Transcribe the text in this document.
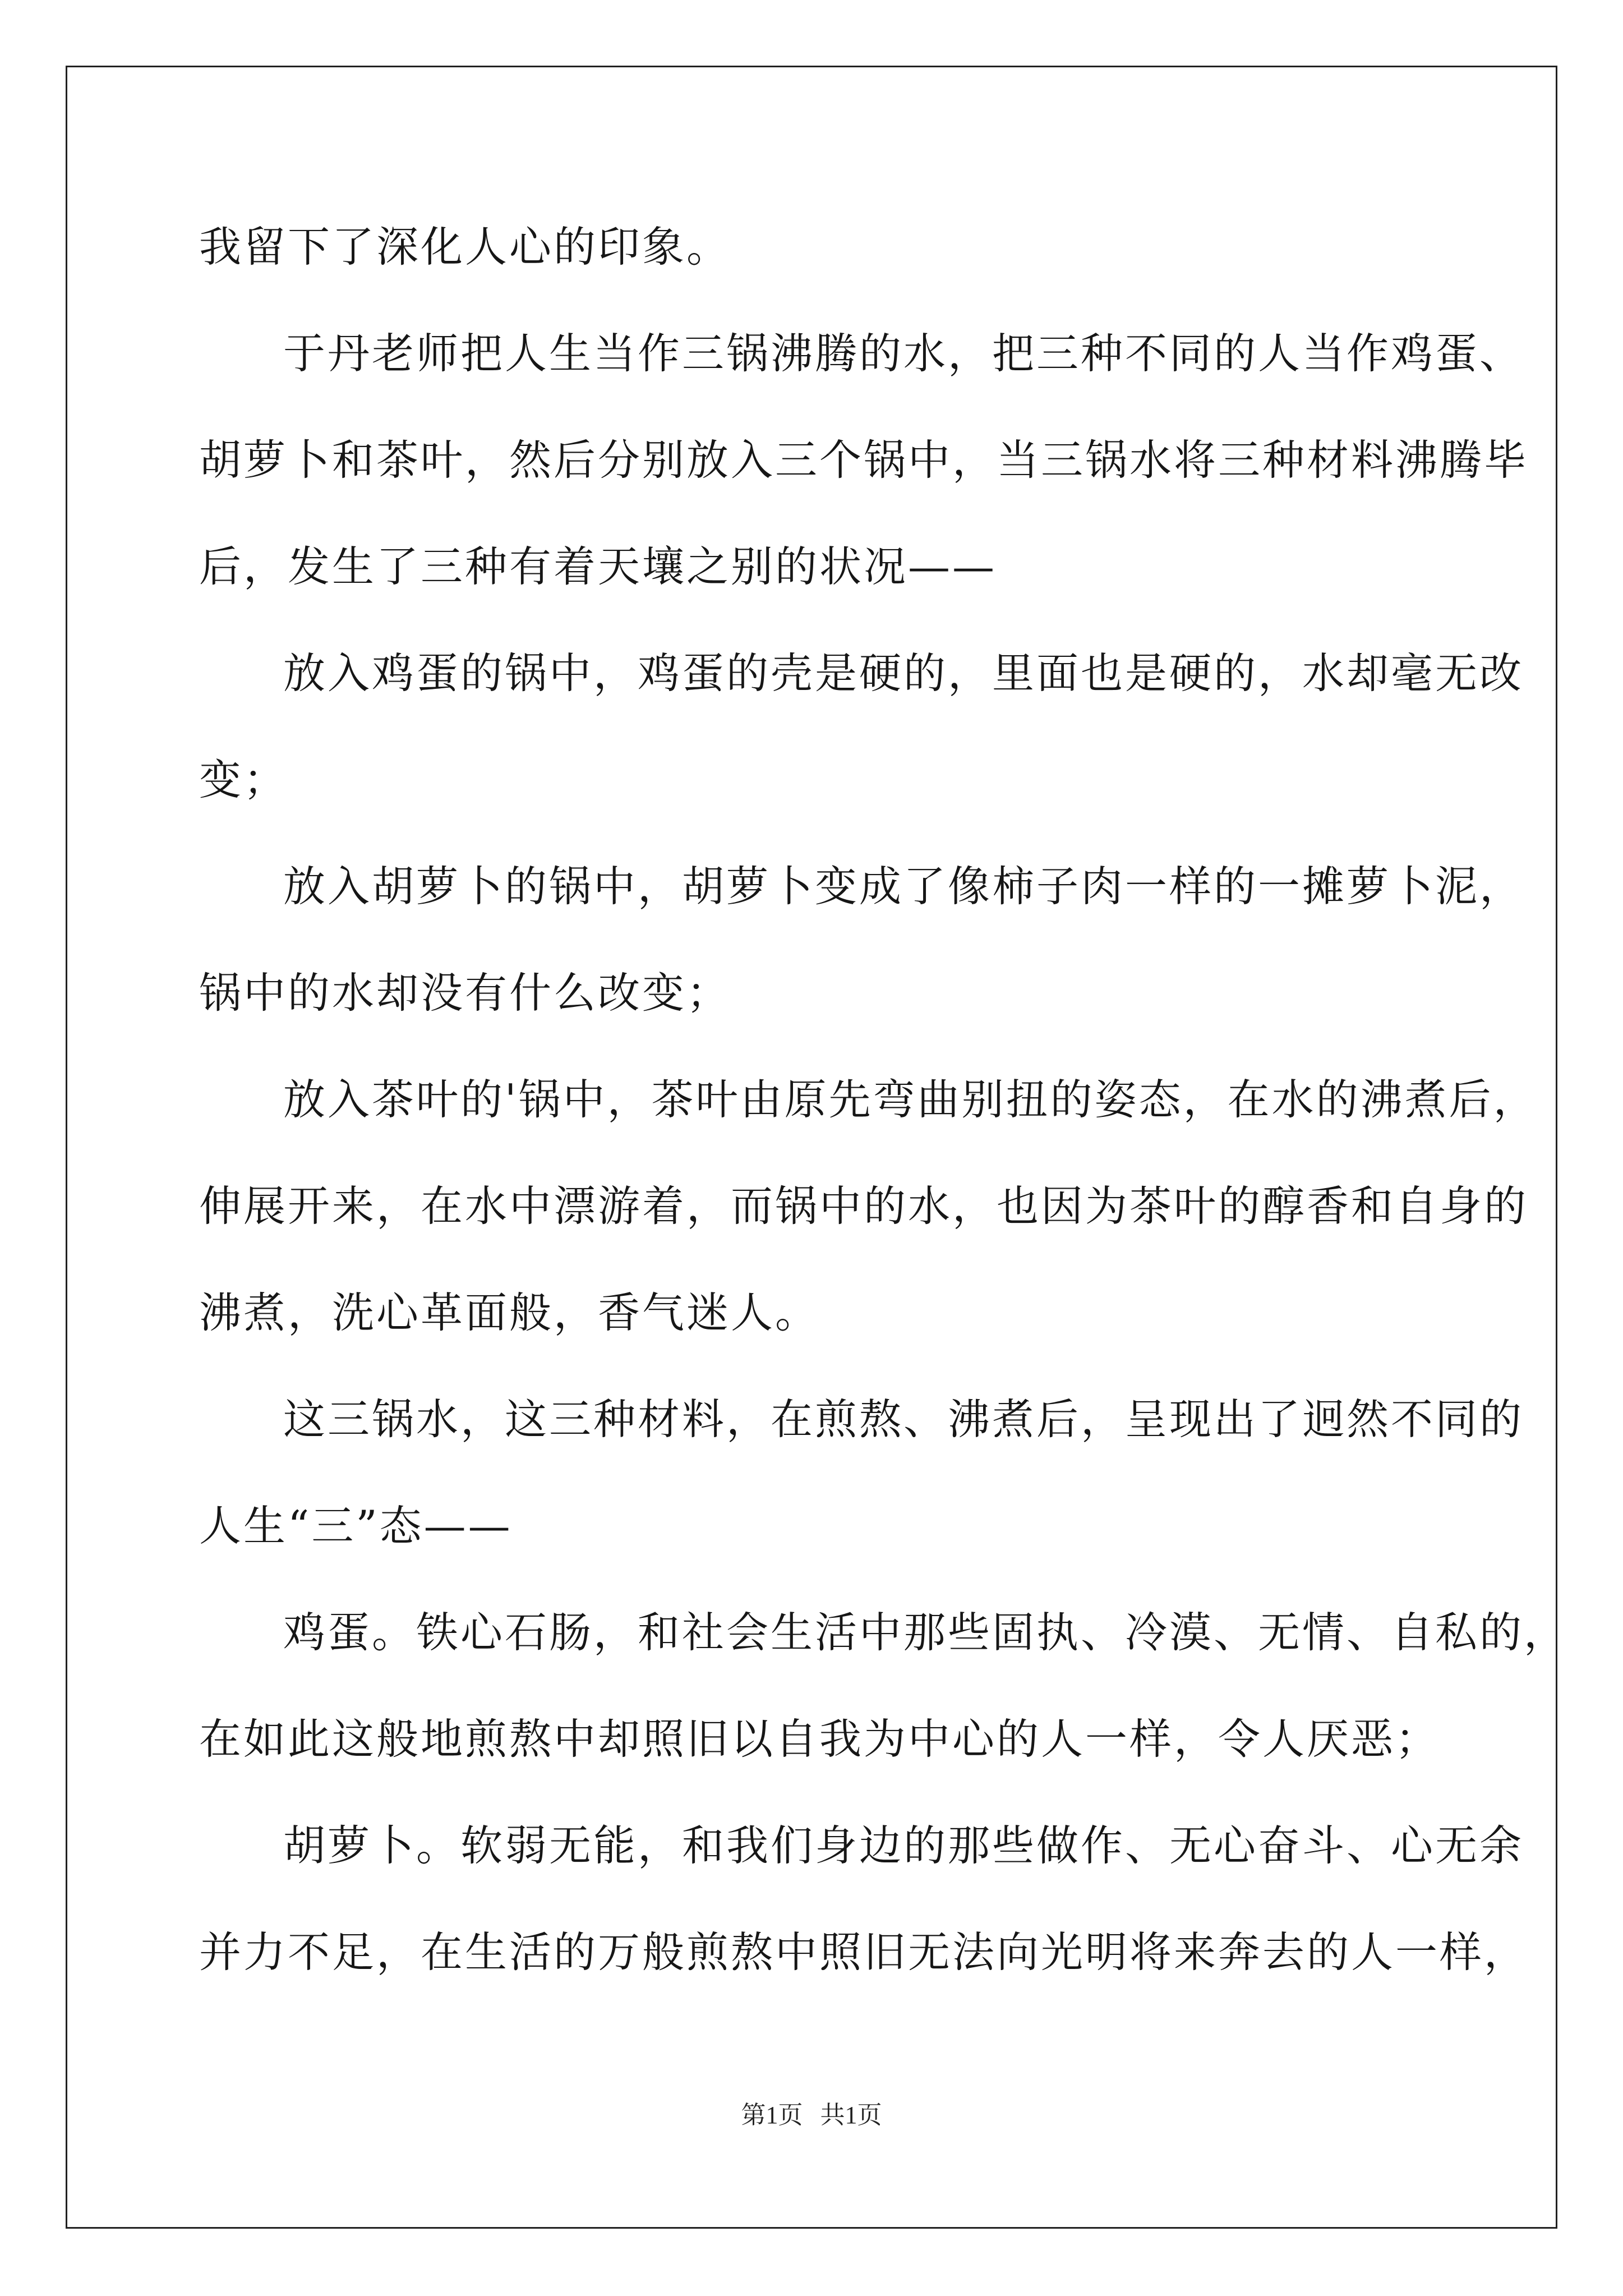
我留下了深化人心的印象。
于丹老师把人生当作三锅沸腾的水，把三种不同的人当作鸡蛋、
胡萝卜和茶叶，然后分别放入三个锅中，当三锅水将三种材料沸腾毕
后，发生了三种有着天壤之别的状况——
放入鸡蛋的锅中，鸡蛋的壳是硬的，里面也是硬的，水却毫无改
变；
放入胡萝卜的锅中，胡萝卜变成了像柿子肉一样的一摊萝卜泥，
锅中的水却没有什么改变；
放入茶叶的'锅中，茶叶由原先弯曲别扭的姿态，在水的沸煮后，
伸展开来，在水中漂游着，而锅中的水，也因为茶叶的醇香和自身的
沸煮，洗心革面般，香气迷人。
这三锅水，这三种材料，在煎熬、沸煮后，呈现出了迥然不同的
人生“三”态——
鸡蛋。铁心石肠，和社会生活中那些固执、冷漠、无情、自私的，
在如此这般地煎熬中却照旧以自我为中心的人一样，令人厌恶；
胡萝卜。软弱无能，和我们身边的那些做作、无心奋斗、心无余
并力不足，在生活的万般煎熬中照旧无法向光明将来奔去的人一样，
第1页 共1页
